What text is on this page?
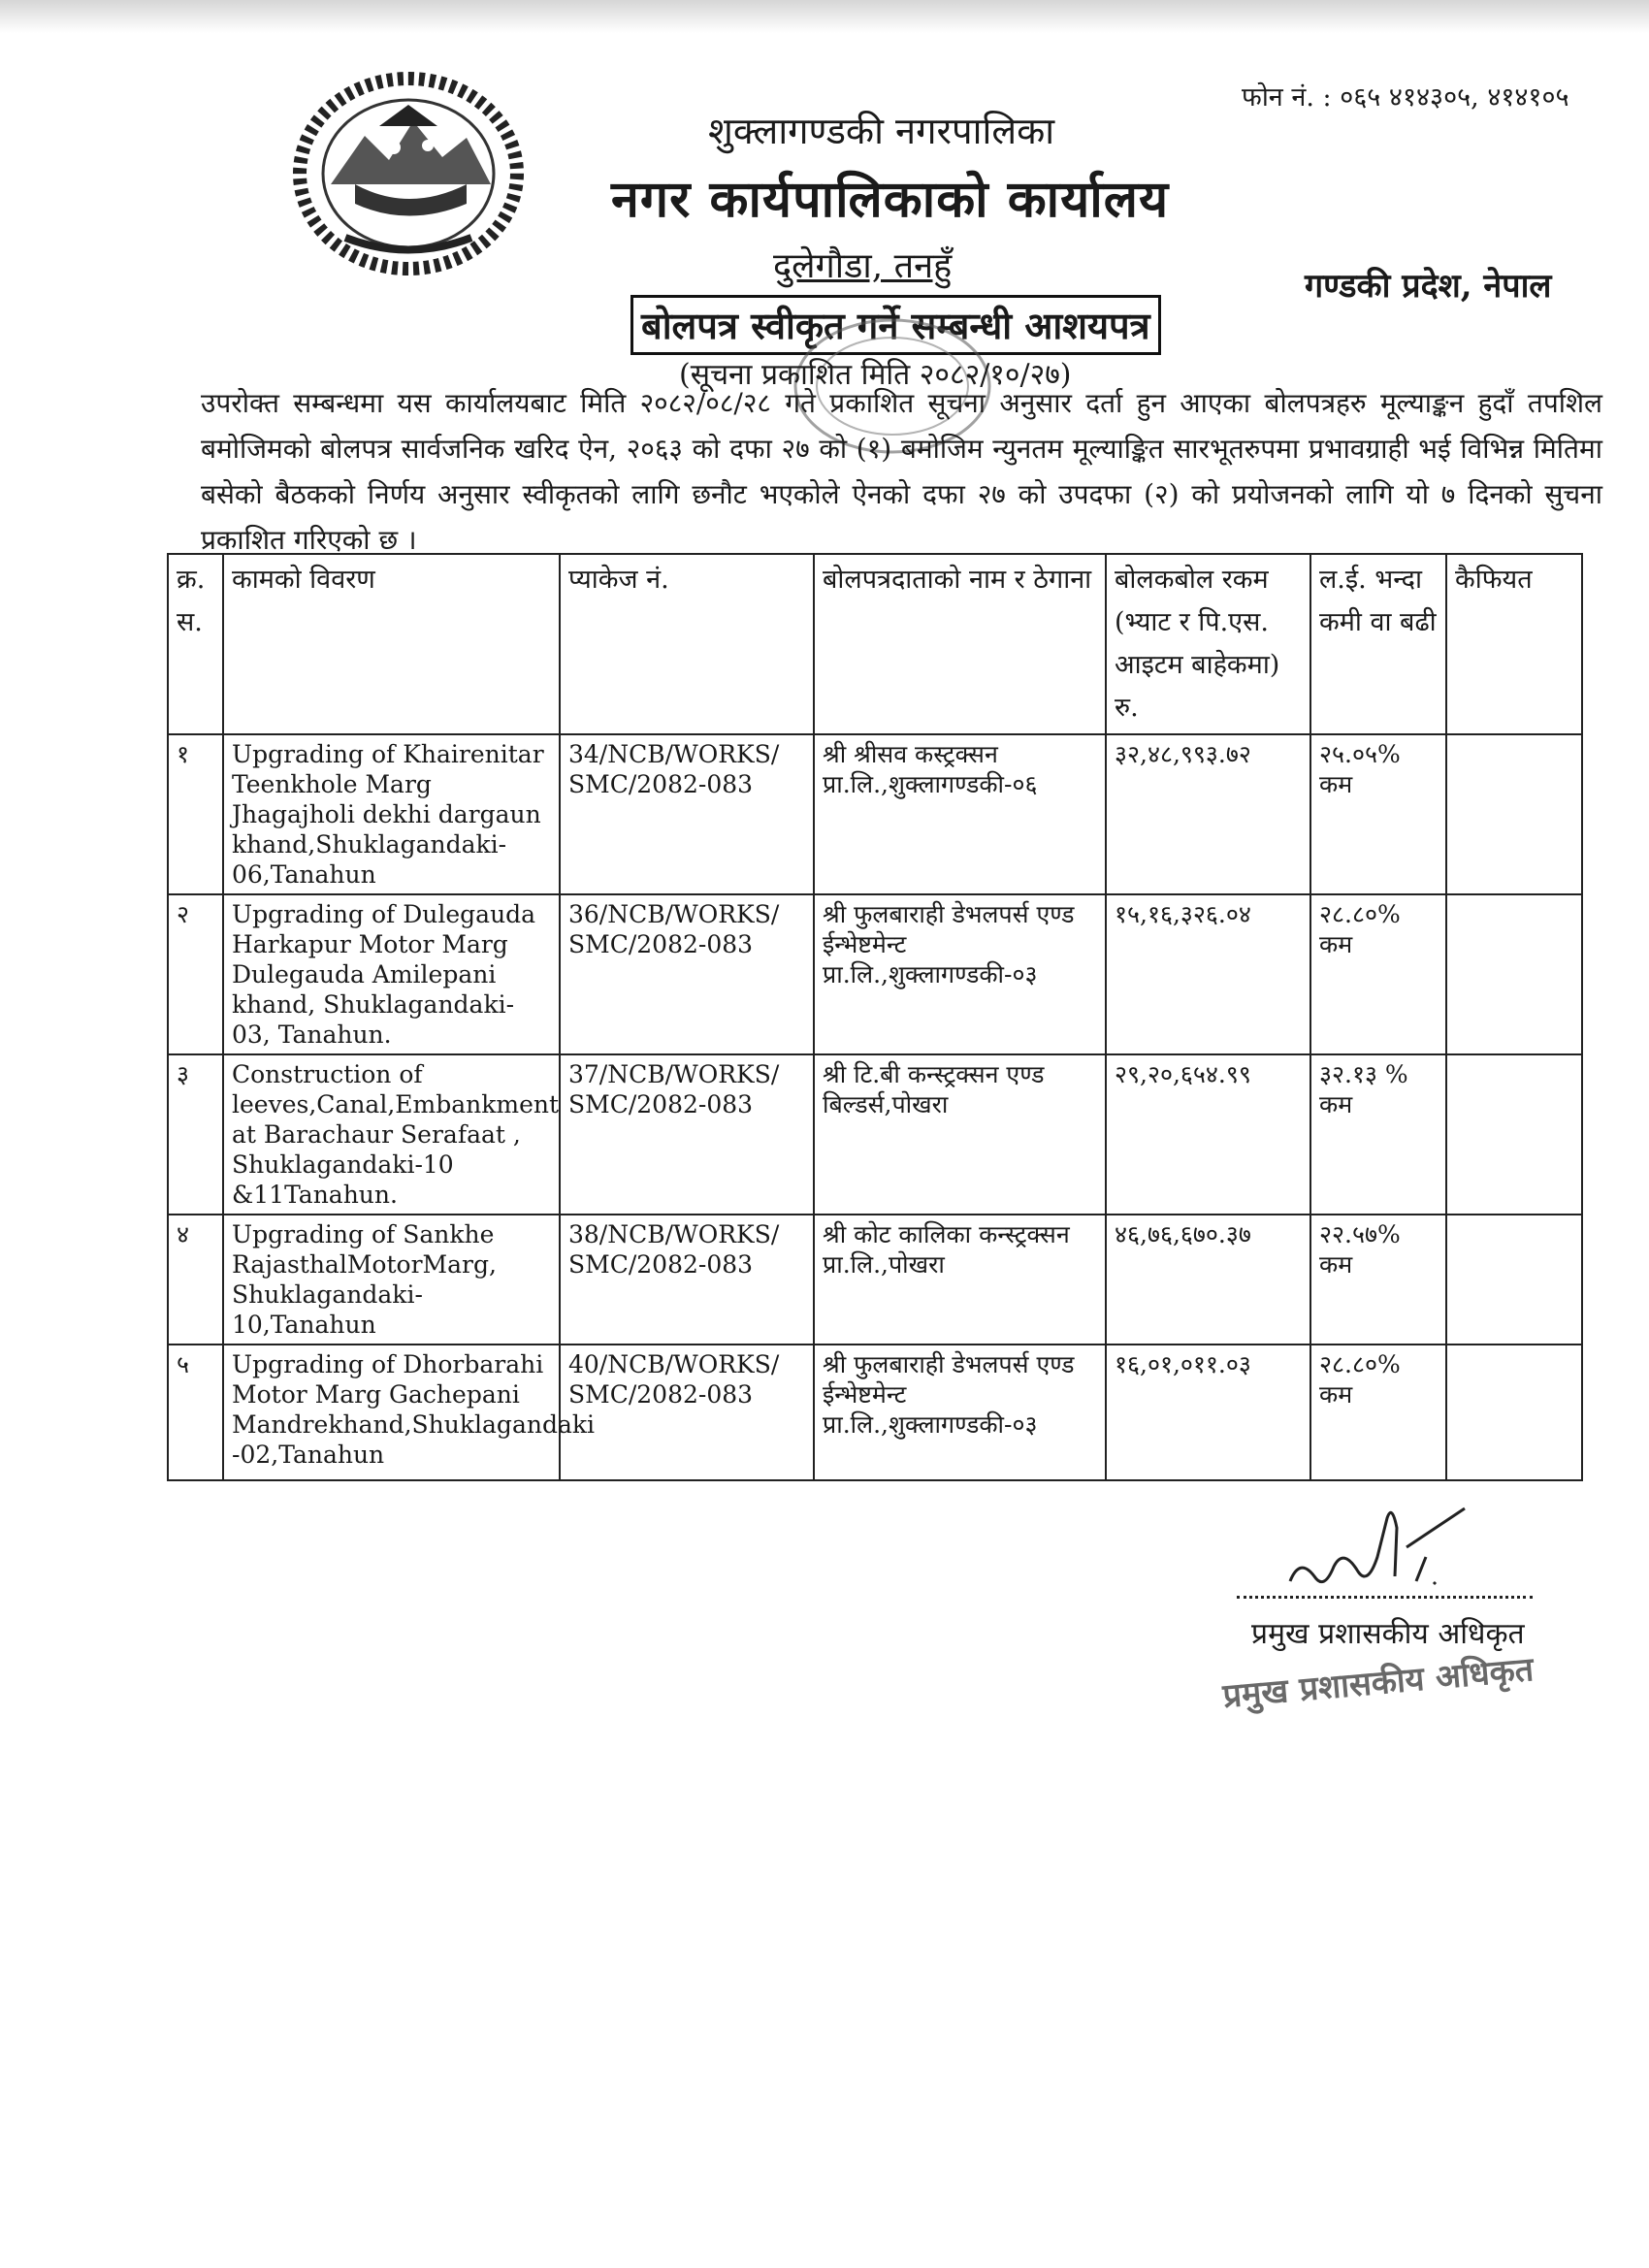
फोन नं. : ०६५ ४१४३०५, ४१४१०५
शुक्लागण्डकी नगरपालिका
नगर कार्यपालिकाको कार्यालय
दुलेगौडा, तनहुँ	गण्डकी प्रदेश, नेपाल
बोलपत्र स्वीकृत गर्ने सम्बन्धी आशयपत्र
(सूचना प्रकाशित मिति २०८२/१०/२७)
उपरोक्त सम्बन्धमा यस कार्यालयबाट मिति २०८२/०८/२८ गते प्रकाशित सूचना अनुसार दर्ता हुन आएका बोलपत्रहरु मूल्याङ्कन हुदाँ तपशिल बमोजिमको बोलपत्र सार्वजनिक खरिद ऐन, २०६३ को दफा २७ को (१) बमोजिम न्युनतम मूल्याङ्कित सारभूतरुपमा प्रभावग्राही भई विभिन्न मितिमा बसेको बैठकको निर्णय अनुसार स्वीकृतको लागि छनौट भएकोले ऐनको दफा २७ को उपदफा (२) को प्रयोजनको लागि यो ७ दिनको सुचना प्रकाशित गरिएको छ ।
क्र. स.	कामको विवरण	प्याकेज नं.	बोलपत्रदाताको नाम र ठेगाना	बोलकबोल रकम (भ्याट र पि.एस. आइटम बाहेकमा) रु.	ल.ई. भन्दा कमी वा बढी	कैफियत
१	Upgrading of Khairenitar Teenkhole Marg Jhagajholi dekhi dargaun khand,Shuklagandaki-06,Tanahun	34/NCB/WORKS/ SMC/2082-083	श्री श्रीसव कस्ट्रक्सन प्रा.लि.,शुक्लागण्डकी-०६	३२,४८,९९३.७२	२५.०५% कम	
२	Upgrading of Dulegauda Harkapur Motor Marg Dulegauda Amilepani khand, Shuklagandaki-03, Tanahun.	36/NCB/WORKS/ SMC/2082-083	श्री फुलबाराही डेभलपर्स एण्ड ईन्भेष्टमेन्ट प्रा.लि.,शुक्लागण्डकी-०३	१५,१६,३२६.०४	२८.८०% कम	
३	Construction of leeves,Canal,Embankment at Barachaur Serafaat , Shuklagandaki-10 &11Tanahun.	37/NCB/WORKS/ SMC/2082-083	श्री टि.बी कन्स्ट्रक्सन एण्ड बिल्डर्स,पोखरा	२९,२०,६५४.९९	३२.१३ % कम	
४	Upgrading of Sankhe RajasthalMotorMarg, Shuklagandaki-10,Tanahun	38/NCB/WORKS/ SMC/2082-083	श्री कोट कालिका कन्स्ट्रक्सन प्रा.लि.,पोखरा	४६,७६,६७०.३७	२२.५७% कम	
५	Upgrading of Dhorbarahi Motor Marg Gachepani Mandrekhand,Shuklagandaki -02,Tanahun	40/NCB/WORKS/ SMC/2082-083	श्री फुलबाराही डेभलपर्स एण्ड ईन्भेष्टमेन्ट प्रा.लि.,शुक्लागण्डकी-०३	१६,०१,०११.०३	२८.८०% कम	
प्रमुख प्रशासकीय अधिकृत
प्रमुख प्रशासकीय अधिकृत
